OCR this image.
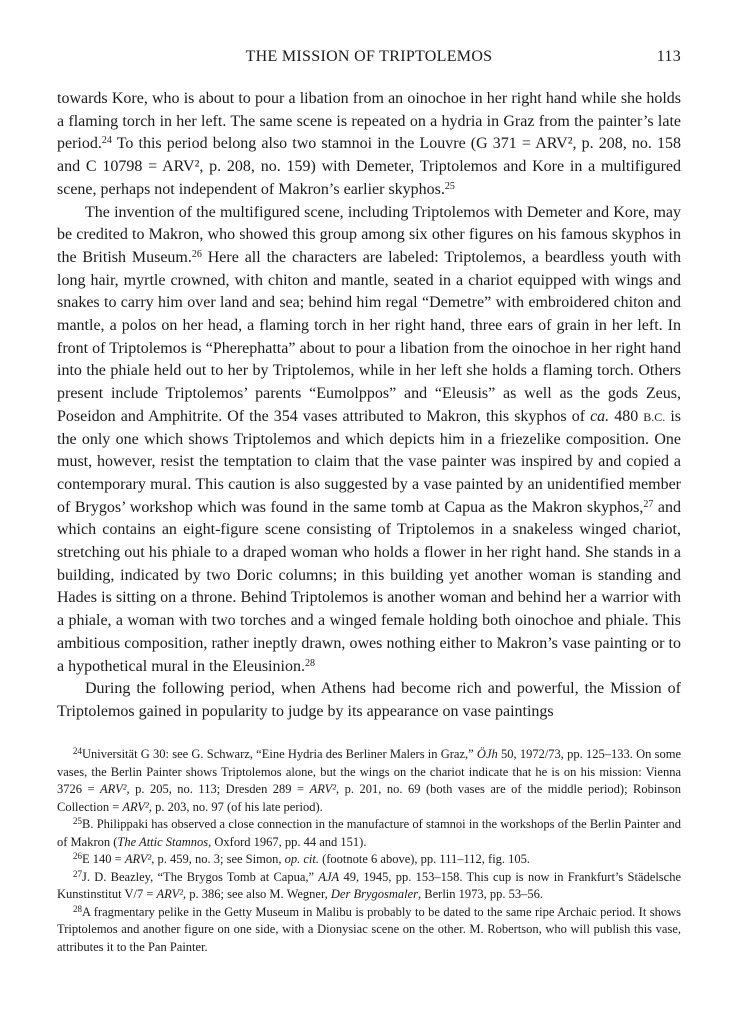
THE MISSION OF TRIPTOLEMOS	113

towards Kore, who is about to pour a libation from an oinochoe in her right hand while she holds a flaming torch in her left. The same scene is repeated on a hydria in Graz from the painter’s late period.$^{24}$ To this period belong also two stamnoi in the Louvre (G 371 = ARV², p. 208, no. 158 and C 10798 = ARV², p. 208, no. 159) with Demeter, Triptolemos and Kore in a multifigured scene, perhaps not independent of Makron’s earlier skyphos.$^{25}$

The invention of the multifigured scene, including Triptolemos with Demeter and Kore, may be credited to Makron, who showed this group among six other figures on his famous skyphos in the British Museum.$^{26}$ Here all the characters are labeled: Triptolemos, a beardless youth with long hair, myrtle crowned, with chiton and mantle, seated in a chariot equipped with wings and snakes to carry him over land and sea; behind him regal “Demetre” with embroidered chiton and mantle, a polos on her head, a flaming torch in her right hand, three ears of grain in her left. In front of Triptolemos is “Pherephatta” about to pour a libation from the oinochoe in her right hand into the phiale held out to her by Triptolemos, while in her left she holds a flaming torch. Others present include Triptolemos’ parents “Eumolppos” and “Eleusis” as well as the gods Zeus, Poseidon and Amphitrite. Of the 354 vases attributed to Makron, this skyphos of ca. 480 B.C. is the only one which shows Triptolemos and which depicts him in a friezelike composition. One must, however, resist the temptation to claim that the vase painter was inspired by and copied a contemporary mural. This caution is also suggested by a vase painted by an unidentified member of Brygos’ workshop which was found in the same tomb at Capua as the Makron skyphos,$^{27}$ and which contains an eight-figure scene consisting of Triptolemos in a snakeless winged chariot, stretching out his phiale to a draped woman who holds a flower in her right hand. She stands in a building, indicated by two Doric columns; in this building yet another woman is standing and Hades is sitting on a throne. Behind Triptolemos is another woman and behind her a warrior with a phiale, a woman with two torches and a winged female holding both oinochoe and phiale. This ambitious composition, rather ineptly drawn, owes nothing either to Makron’s vase painting or to a hypothetical mural in the Eleusinion.$^{28}$

During the following period, when Athens had become rich and powerful, the Mission of Triptolemos gained in popularity to judge by its appearance on vase paintings

$^{24}$Universität G 30: see G. Schwarz, “Eine Hydria des Berliner Malers in Graz,” ÖJh 50, 1972/73, pp. 125–133. On some vases, the Berlin Painter shows Triptolemos alone, but the wings on the chariot indicate that he is on his mission: Vienna 3726 = ARV², p. 205, no. 113; Dresden 289 = ARV², p. 201, no. 69 (both vases are of the middle period); Robinson Collection = ARV², p. 203, no. 97 (of his late period).

$^{25}$B. Philippaki has observed a close connection in the manufacture of stamnoi in the workshops of the Berlin Painter and of Makron (The Attic Stamnos, Oxford 1967, pp. 44 and 151).

$^{26}$E 140 = ARV², p. 459, no. 3; see Simon, op. cit. (footnote 6 above), pp. 111–112, fig. 105.

$^{27}$J. D. Beazley, “The Brygos Tomb at Capua,” AJA 49, 1945, pp. 153–158. This cup is now in Frankfurt’s Städelsche Kunstinstitut V/7 = ARV², p. 386; see also M. Wegner, Der Brygosmaler, Berlin 1973, pp. 53–56.

$^{28}$A fragmentary pelike in the Getty Museum in Malibu is probably to be dated to the same ripe Archaic period. It shows Triptolemos and another figure on one side, with a Dionysiac scene on the other. M. Robertson, who will publish this vase, attributes it to the Pan Painter.
